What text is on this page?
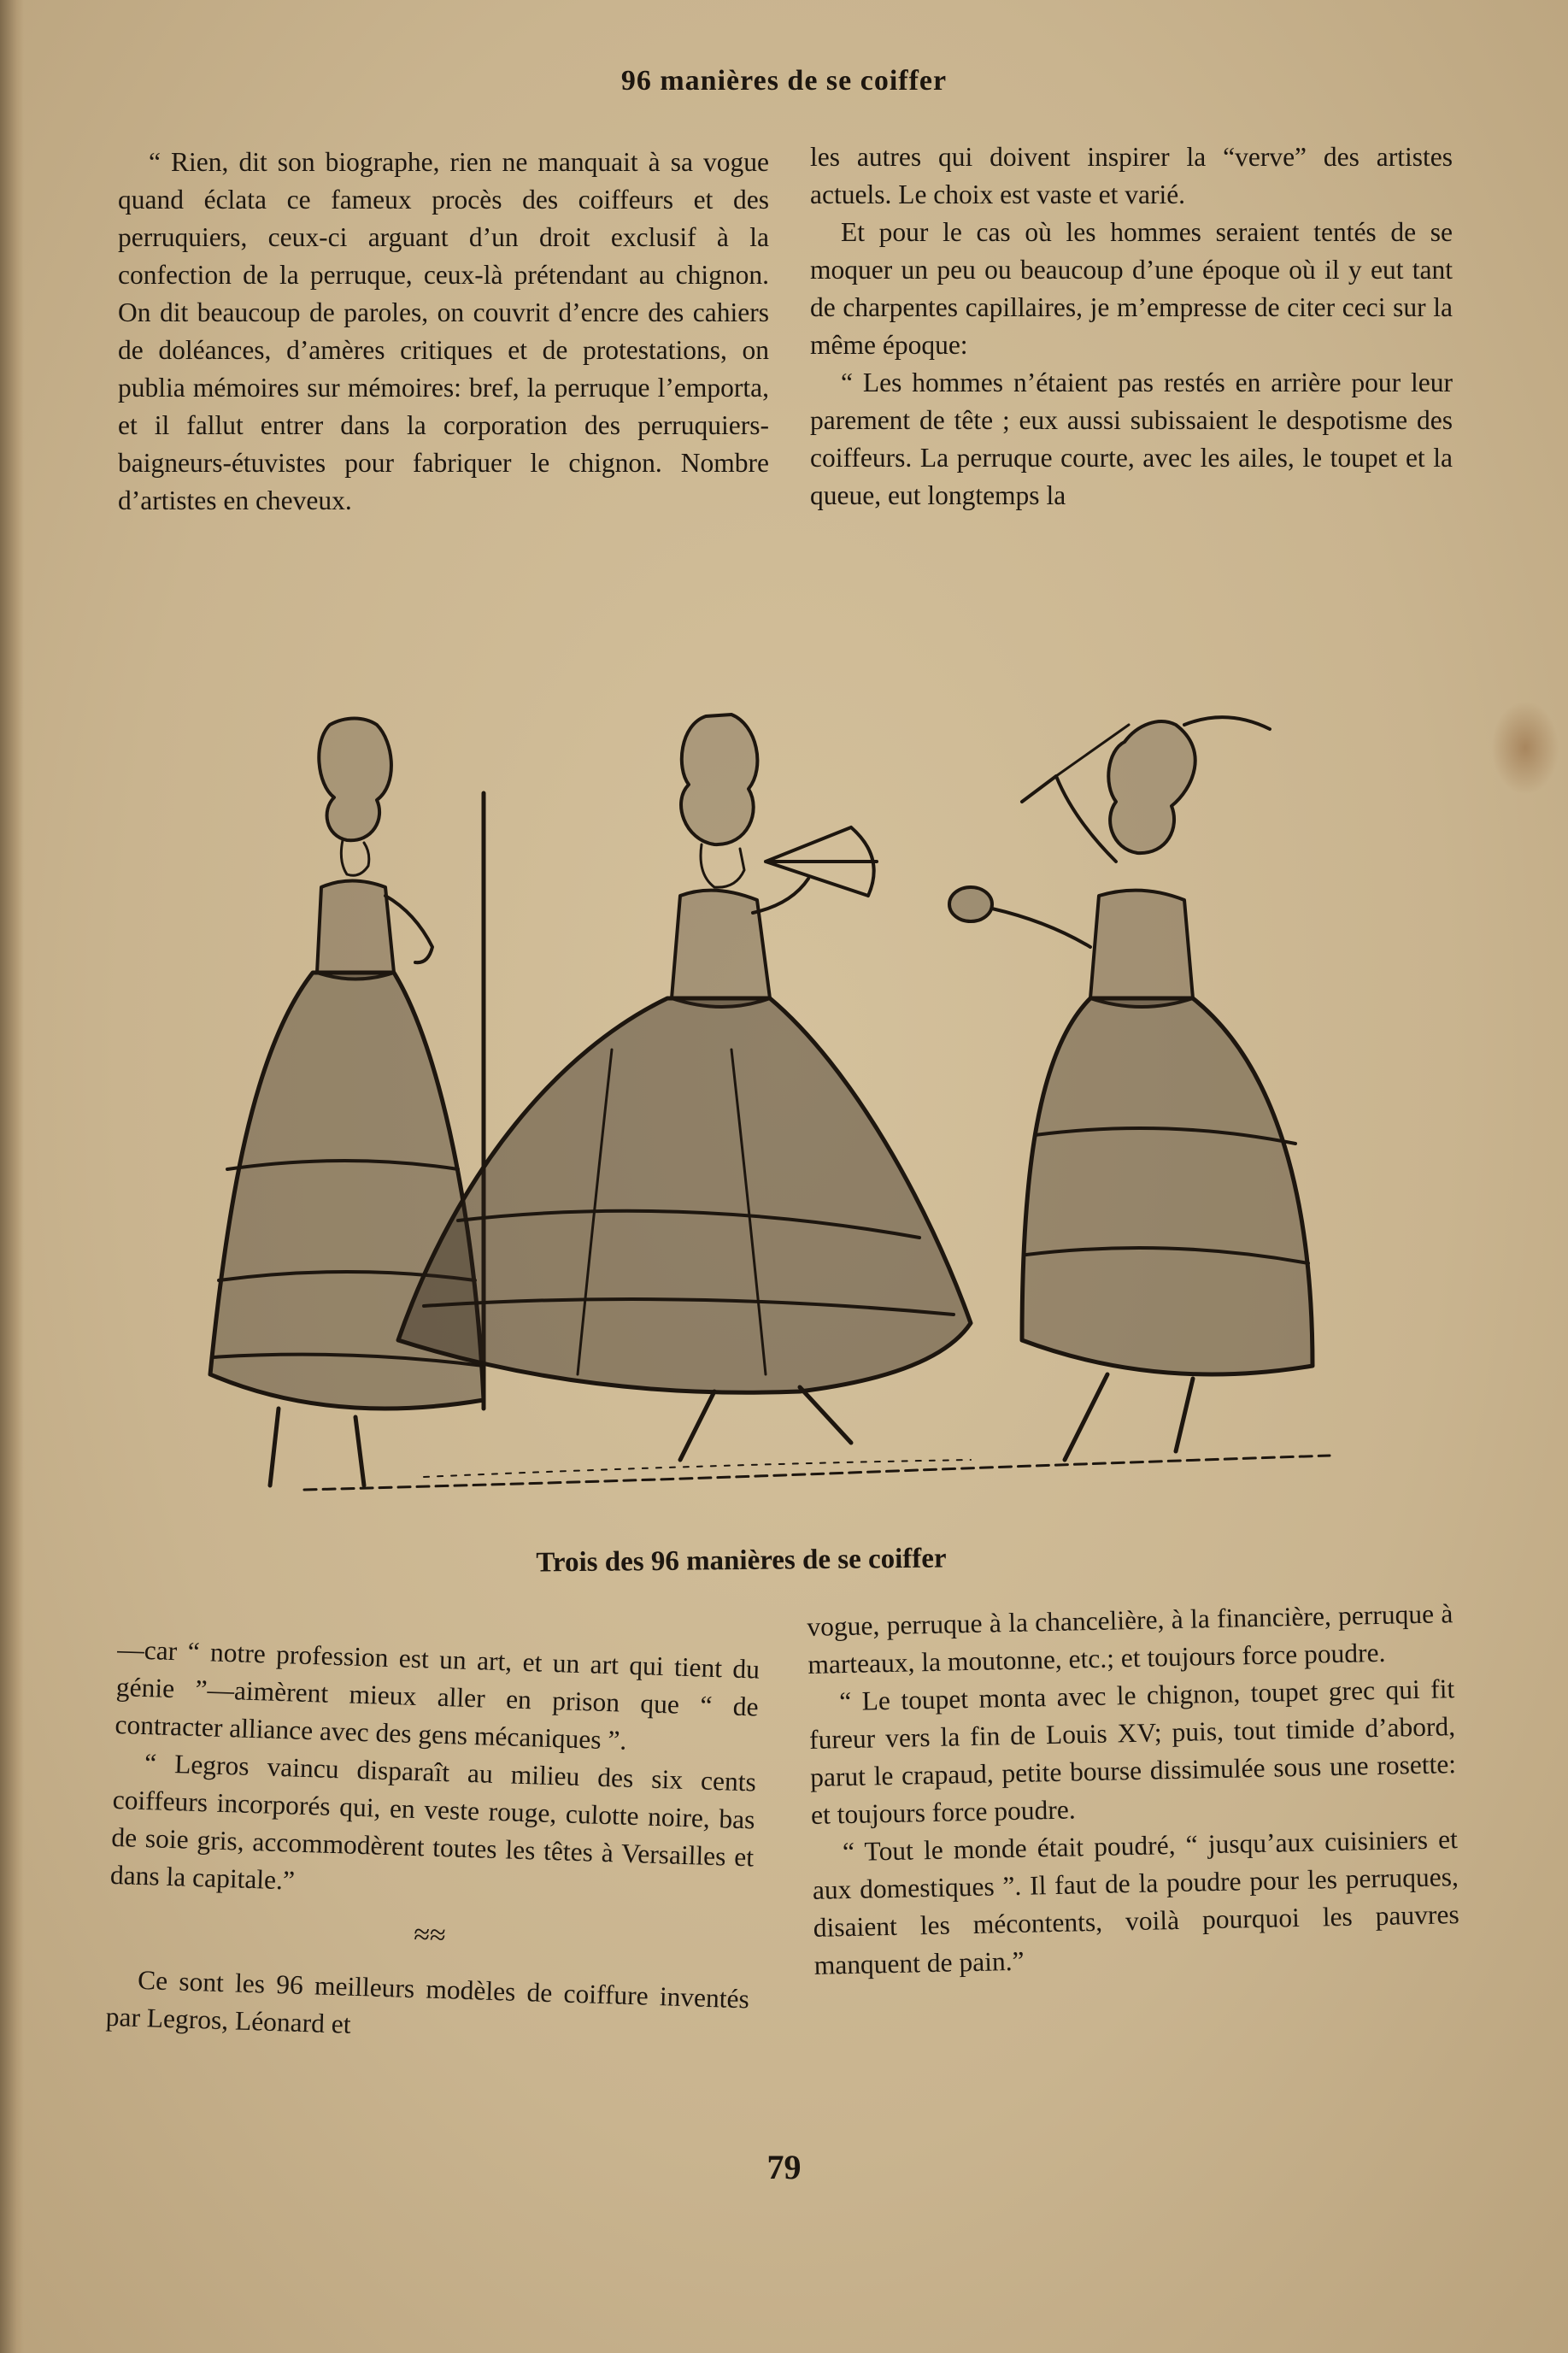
96 manières de se coiffer

“ Rien, dit son biographe, rien ne manquait à sa vogue quand éclata ce fameux procès des coiffeurs et des perruquiers, ceux-ci arguant d’un droit exclusif à la confection de la perruque, ceux-là prétendant au chignon. On dit beaucoup de paroles, on couvrit d’encre des cahiers de doléances, d’amères critiques et de protestations, on publia mémoires sur mémoires: bref, la perruque l’emporta, et il fallut entrer dans la corporation des perruquiers-baigneurs-étuvistes pour fabriquer le chignon. Nombre d’artistes en cheveux.

les autres qui doivent inspirer la “verve” des artistes actuels. Le choix est vaste et varié.

Et pour le cas où les hommes seraient tentés de se moquer un peu ou beaucoup d’une époque où il y eut tant de charpentes capillaires, je m’empresse de citer ceci sur la même époque:

“ Les hommes n’étaient pas restés en arrière pour leur parement de tête ; eux aussi subissaient le despotisme des coiffeurs. La perruque courte, avec les ailes, le toupet et la queue, eut longtemps la

Trois des 96 manières de se coiffer

—car “ notre profession est un art, et un art qui tient du génie ”—aimèrent mieux aller en prison que “ de contracter alliance avec des gens mécaniques ”.

“ Legros vaincu disparaît au milieu des six cents coiffeurs incorporés qui, en veste rouge, culotte noire, bas de soie gris, accommodèrent toutes les têtes à Versailles et dans la capitale.”

≈≈

Ce sont les 96 meilleurs modèles de coiffure inventés par Legros, Léonard et

vogue, perruque à la chancelière, à la financière, perruque à marteaux, la moutonne, etc.; et toujours force poudre.

“ Le toupet monta avec le chignon, toupet grec qui fit fureur vers la fin de Louis XV; puis, tout timide d’abord, parut le crapaud, petite bourse dissimulée sous une rosette: et toujours force poudre.

“ Tout le monde était poudré, “ jusqu’aux cuisiniers et aux domestiques ”. Il faut de la poudre pour les perruques, disaient les mécontents, voilà pourquoi les pauvres manquent de pain.”

79
